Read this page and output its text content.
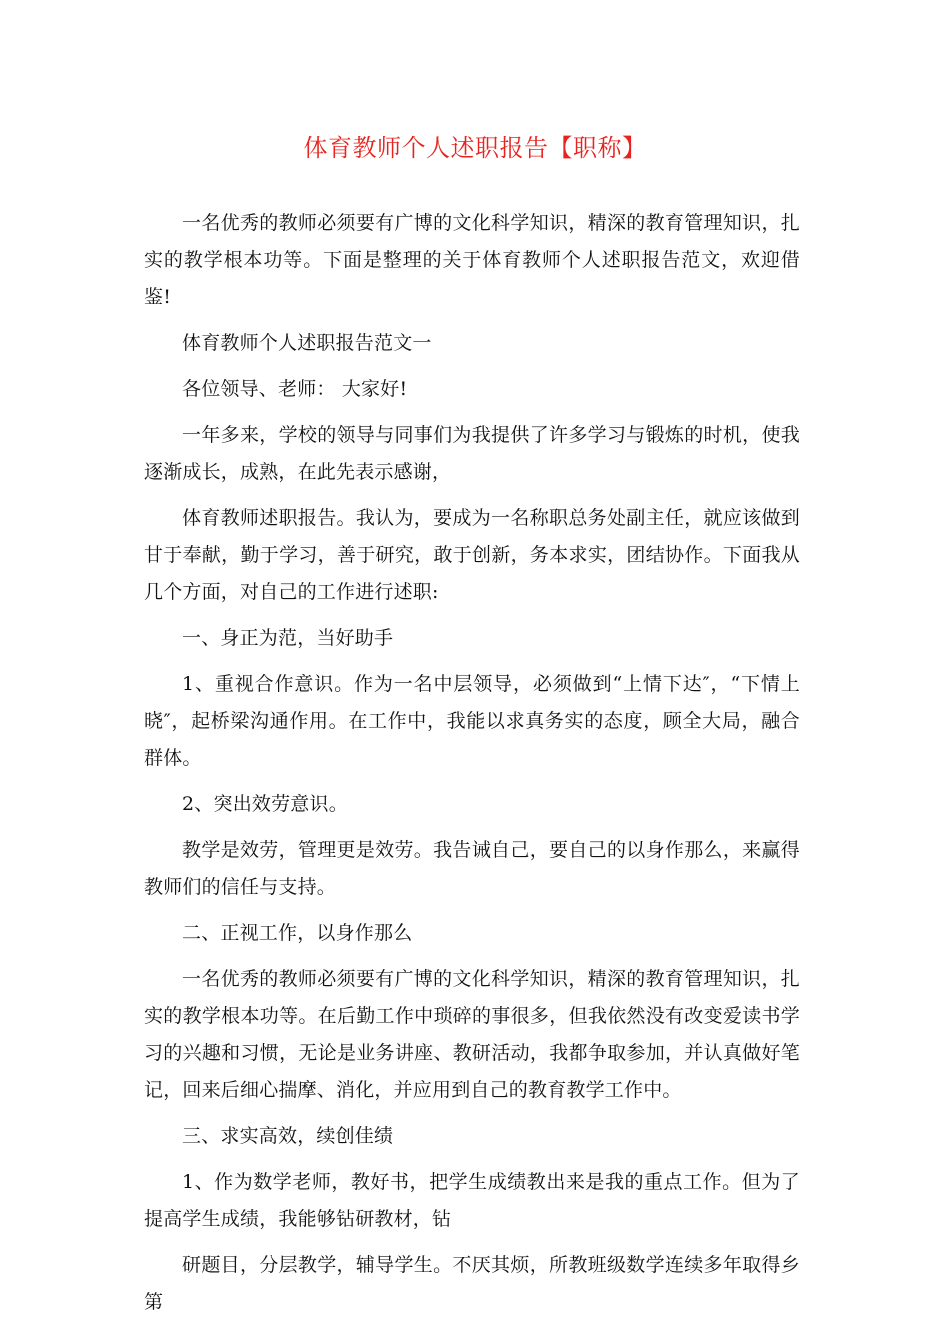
体育教师个人述职报告【职称】

一名优秀的教师必须要有广博的文化科学知识，精深的教育管理知识，扎实的教学根本功等。下面是整理的关于体育教师个人述职报告范文，欢迎借鉴!

体育教师个人述职报告范文一

各位领导、老师： 大家好!

一年多来，学校的领导与同事们为我提供了许多学习与锻炼的时机，使我逐渐成长，成熟，在此先表示感谢，

体育教师述职报告。我认为，要成为一名称职总务处副主任，就应该做到甘于奉献，勤于学习，善于研究，敢于创新，务本求实，团结协作。下面我从几个方面，对自己的工作进行述职:

一、身正为范，当好助手

1、重视合作意识。作为一名中层领导，必须做到“上情下达″，“下情上晓″，起桥梁沟通作用。在工作中，我能以求真务实的态度，顾全大局，融合群体。

2、突出效劳意识。

教学是效劳，管理更是效劳。我告诫自己，要自己的以身作那么，来赢得教师们的信任与支持。

二、正视工作，以身作那么

一名优秀的教师必须要有广博的文化科学知识，精深的教育管理知识，扎实的教学根本功等。在后勤工作中琐碎的事很多，但我依然没有改变爱读书学习的兴趣和习惯，无论是业务讲座、教研活动，我都争取参加，并认真做好笔记，回来后细心揣摩、消化，并应用到自己的教育教学工作中。

三、求实高效，续创佳绩

1、作为数学老师，教好书，把学生成绩教出来是我的重点工作。但为了提高学生成绩，我能够钻研教材，钻

研题目，分层教学，辅导学生。不厌其烦，所教班级数学连续多年取得乡第
